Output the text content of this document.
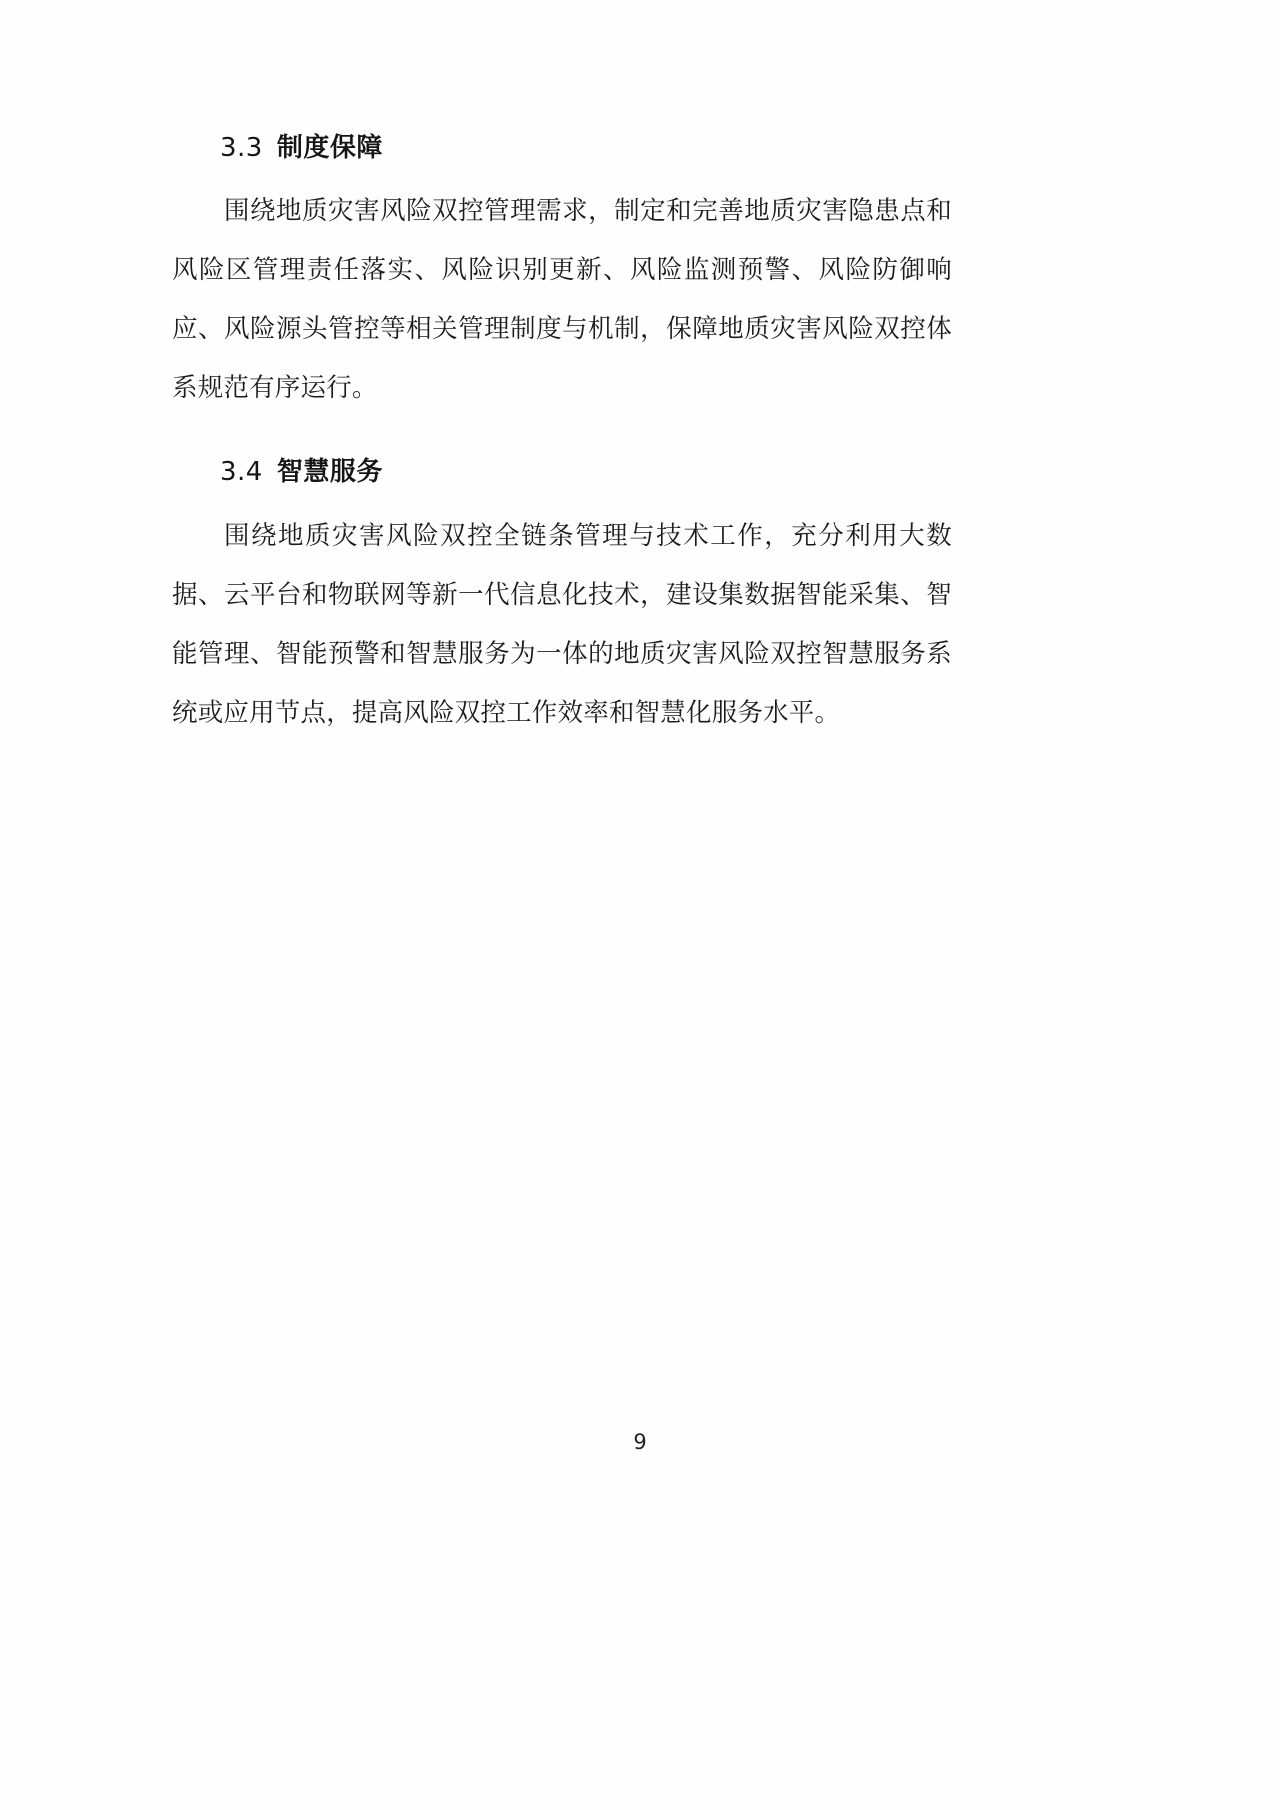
3.3 制度保障

围绕地质灾害风险双控管理需求，制定和完善地质灾害隐患点和风险区管理责任落实、风险识别更新、风险监测预警、风险防御响应、风险源头管控等相关管理制度与机制，保障地质灾害风险双控体系规范有序运行。

3.4 智慧服务

围绕地质灾害风险双控全链条管理与技术工作，充分利用大数据、云平台和物联网等新一代信息化技术，建设集数据智能采集、智能管理、智能预警和智慧服务为一体的地质灾害风险双控智慧服务系统或应用节点，提高风险双控工作效率和智慧化服务水平。

9
